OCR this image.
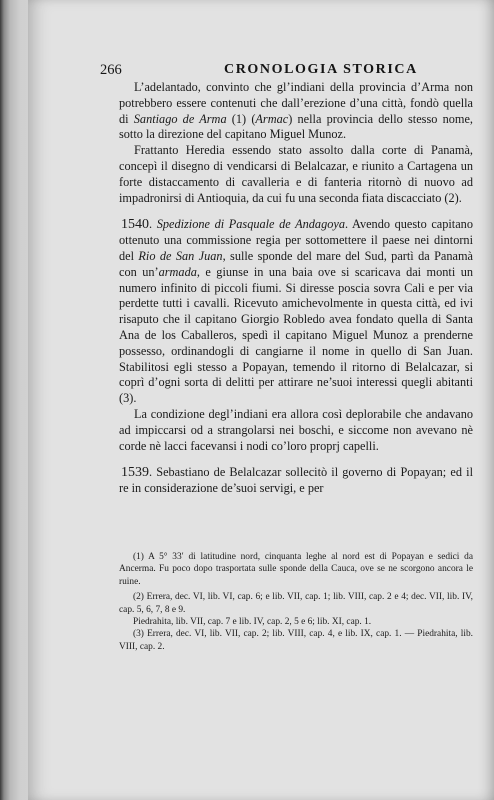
266	CRONOLOGIA STORICA

L’adelantado, convinto che gl’indiani della provincia d’Arma non potrebbero essere contenuti che dall’erezione d’una città, fondò quella di Santiago de Arma (1) (Armac) nella provincia dello stesso nome, sotto la direzione del capitano Miguel Munoz.

Frattanto Heredia essendo stato assolto dalla corte di Panamà, concepì il disegno di vendicarsi di Belalcazar, e riunito a Cartagena un forte distaccamento di cavalleria e di fanteria ritornò di nuovo ad impadronirsi di Antioquia, da cui fu una seconda fiata discacciato (2).

1540. Spedizione di Pasquale de Andagoya. Avendo questo capitano ottenuto una commissione regia per sottomettere il paese nei dintorni del Rio de San Juan, sulle sponde del mare del Sud, partì da Panamà con un’armada, e giunse in una baia ove si scaricava dai monti un numero infinito di piccoli fiumi. Si diresse poscia sovra Cali e per via perdette tutti i cavalli. Ricevuto amichevolmente in questa città, ed ivi risaputo che il capitano Giorgio Robledo avea fondato quella di Santa Ana de los Caballeros, spedì il capitano Miguel Munoz a prenderne possesso, ordinandogli di cangiarne il nome in quello di San Juan. Stabilitosi egli stesso a Popayan, temendo il ritorno di Belalcazar, si coprì d’ogni sorta di delitti per attirare ne’suoi interessi quegli abitanti (3).

La condizione degl’indiani era allora così deplorabile che andavano ad impiccarsi od a strangolarsi nei boschi, e siccome non avevano nè corde nè lacci facevansi i nodi co’loro proprj capelli.

1539. Sebastiano de Belalcazar sollecitò il governo di Popayan; ed il re in considerazione de’suoi servigi, e per

(1) A 5° 33′ di latitudine nord, cinquanta leghe al nord est di Popayan e sedici da Ancerma. Fu poco dopo trasportata sulle sponde della Cauca, ove se ne scorgono ancora le ruine.

(2) Errera, dec. VI, lib. VI, cap. 6; e lib. VII, cap. 1; lib. VIII, cap. 2 e 4; dec. VII, lib. IV, cap. 5, 6, 7, 8 e 9.

Piedrahita, lib. VII, cap. 7 e lib. IV, cap. 2, 5 e 6; lib. XI, cap. 1.

(3) Errera, dec. VI, lib. VII, cap. 2; lib. VIII, cap. 4, e lib. IX, cap. 1. — Piedrahita, lib. VIII, cap. 2.
